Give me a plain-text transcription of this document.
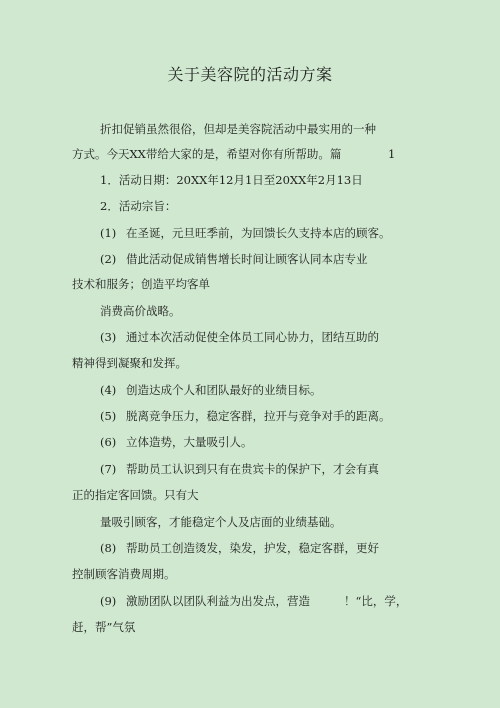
关于美容院的活动方案
折扣促销虽然很俗，但却是美容院活动中最实用的一种
方式。今天XX带给大家的是，希望对你有所帮助。篇	1
1．活动日期：20XX年12月1日至20XX年2月13日
2．活动宗旨：
(1) 在圣诞，元旦旺季前，为回馈长久支持本店的顾客。
(2) 借此活动促成销售增长时间让顾客认同本店专业
技术和服务；创造平均客单
消费高价战略。
(3) 通过本次活动促使全体员工同心协力，团结互助的
精神得到凝聚和发挥。
(4) 创造达成个人和团队最好的业绩目标。
(5) 脱离竞争压力，稳定客群，拉开与竞争对手的距离。
(6) 立体造势，大量吸引人。
(7) 帮助员工认识到只有在贵宾卡的保护下，才会有真
正的指定客回馈。只有大
量吸引顾客，才能稳定个人及店面的业绩基础。
(8) 帮助员工创造烫发，染发，护发，稳定客群，更好
控制顾客消费周期。
(9) 激励团队以团队利益为出发点，营造	！“比，学，
赶，帮”气氛
